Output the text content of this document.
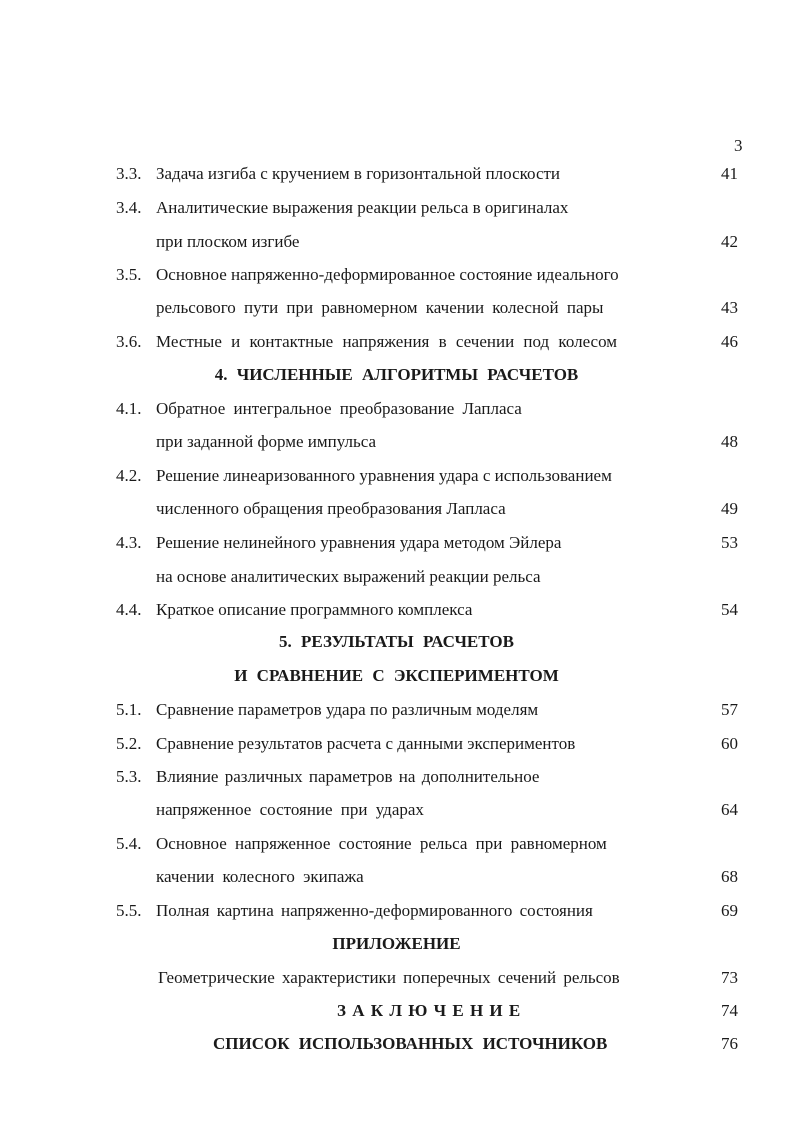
3
3.3. Задача изгиба с кручением в горизонтальной плоскости	41
3.4. Аналитические выражения реакции рельса в оригиналах
при плоском изгибе	42
3.5. Основное напряженно-деформированное состояние идеального
рельсового пути при равномерном качении колесной пары	43
3.6. Местные и контактные напряжения в сечении под колесом	46
4. ЧИСЛЕННЫЕ АЛГОРИТМЫ РАСЧЕТОВ
4.1. Обратное интегральное преобразование Лапласа
при заданной форме импульса	48
4.2. Решение линеаризованного уравнения удара с использованием
численного обращения преобразования Лапласа	49
4.3. Решение нелинейного уравнения удара методом Эйлера	53
на основе аналитических выражений реакции рельса
4.4. Краткое описание программного комплекса	54
5. РЕЗУЛЬТАТЫ РАСЧЕТОВ
И СРАВНЕНИЕ С ЭКСПЕРИМЕНТОМ
5.1. Сравнение параметров удара по различным моделям	57
5.2. Сравнение результатов расчета с данными экспериментов	60
5.3. Влияние различных параметров на дополнительное
напряженное состояние при ударах	64
5.4. Основное напряженное состояние рельса при равномерном
качении колесного экипажа	68
5.5. Полная картина напряженно-деформированного состояния	69
ПРИЛОЖЕНИЕ
Геометрические характеристики поперечных сечений рельсов	73
З А К Л Ю Ч Е Н И Е	74
СПИСОК ИСПОЛЬЗОВАННЫХ ИСТОЧНИКОВ	76
